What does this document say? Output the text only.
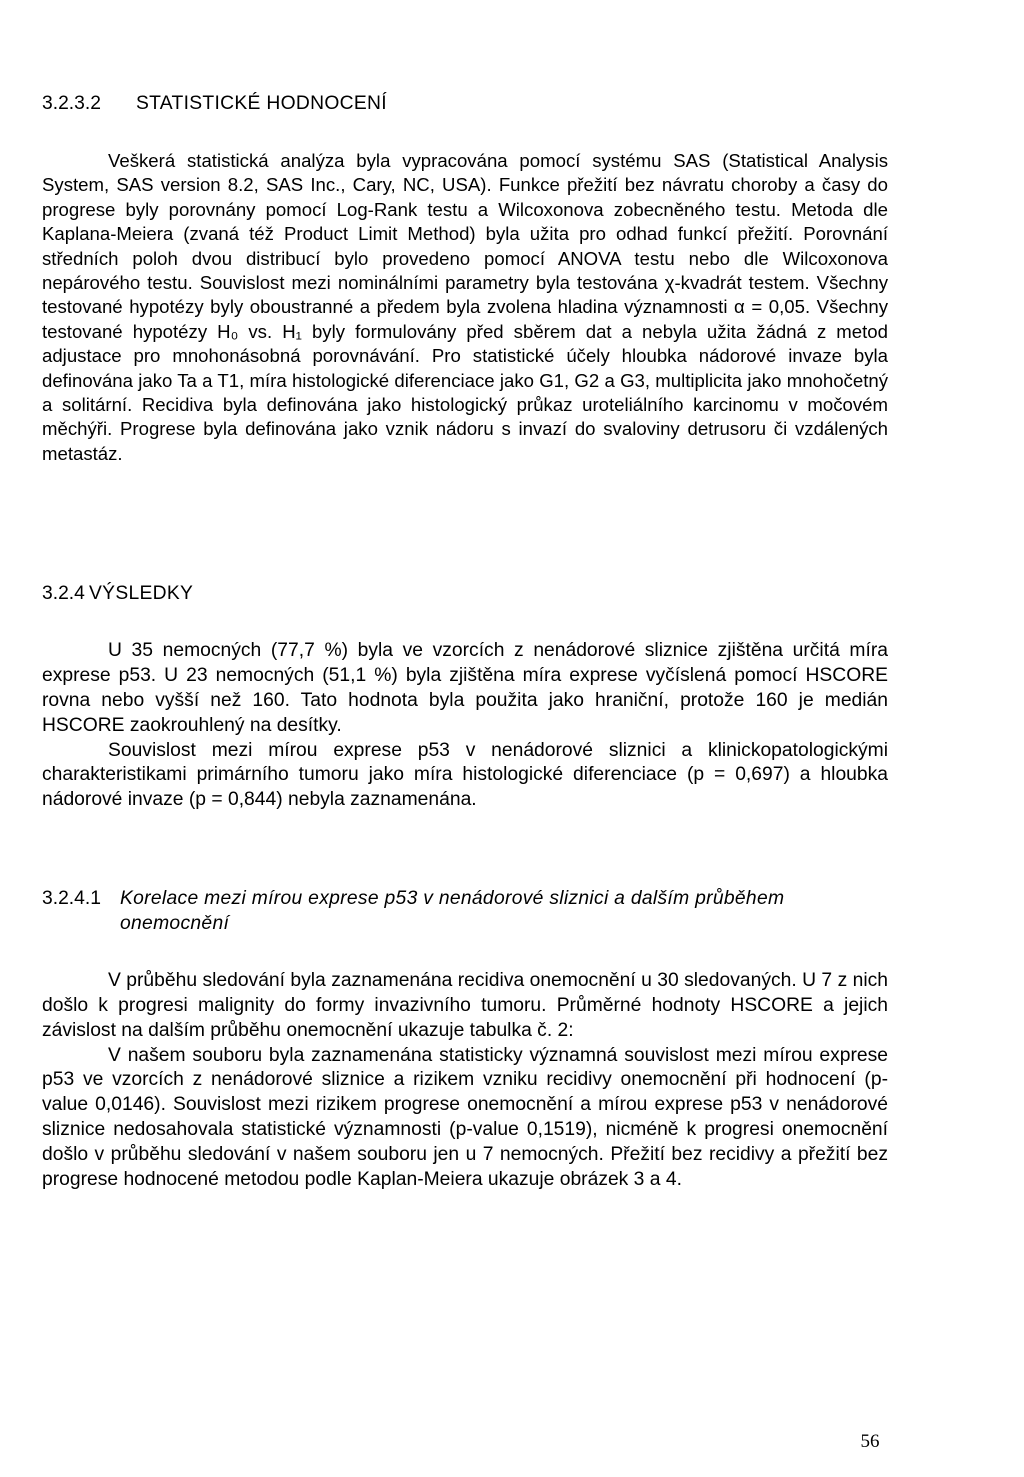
3.2.3.2	STATISTICKÉ HODNOCENÍ

Veškerá statistická analýza byla vypracována pomocí systému SAS (Statistical Analysis System, SAS version 8.2, SAS Inc., Cary, NC, USA). Funkce přežití bez návratu choroby a časy do progrese byly porovnány pomocí Log-Rank testu a Wilcoxonova zobecněného testu. Metoda dle Kaplana-Meiera (zvaná též Product Limit Method) byla užita pro odhad funkcí přežití. Porovnání středních poloh dvou distribucí bylo provedeno pomocí ANOVA testu nebo dle Wilcoxonova nepárového testu. Souvislost mezi nominálními parametry byla testována χ-kvadrát testem. Všechny testované hypotézy byly oboustranné a předem byla zvolena hladina významnosti α = 0,05. Všechny testované hypotézy H₀ vs. H₁ byly formulovány před sběrem dat a nebyla užita žádná z metod adjustace pro mnohonásobná porovnávání. Pro statistické účely hloubka nádorové invaze byla definována jako Ta a T1, míra histologické diferenciace jako G1, G2 a G3, multiplicita jako mnohočetný a solitární. Recidiva byla definována jako histologický průkaz uroteliálního karcinomu v močovém měchýři. Progrese byla definována jako vznik nádoru s invazí do svaloviny detrusoru či vzdálených metastáz.

3.2.4 VÝSLEDKY

U 35 nemocných (77,7 %) byla ve vzorcích z nenádorové sliznice zjištěna určitá míra exprese p53. U 23 nemocných (51,1 %) byla zjištěna míra exprese vyčíslená pomocí HSCORE rovna nebo vyšší než 160. Tato hodnota byla použita jako hraniční, protože 160 je medián HSCORE zaokrouhlený na desítky.

Souvislost mezi mírou exprese p53 v nenádorové sliznici a klinickopatologickými charakteristikami primárního tumoru jako míra histologické diferenciace (p = 0,697) a hloubka nádorové invaze (p = 0,844) nebyla zaznamenána.

3.2.4.1 Korelace mezi mírou exprese p53 v nenádorové sliznici a dalším průběhem
onemocnění

V průběhu sledování byla zaznamenána recidiva onemocnění u 30 sledovaných. U 7 z nich došlo k progresi malignity do formy invazivního tumoru. Průměrné hodnoty HSCORE a jejich závislost na dalším průběhu onemocnění ukazuje tabulka č. 2:

V našem souboru byla zaznamenána statisticky významná souvislost mezi mírou exprese p53 ve vzorcích z nenádorové sliznice a rizikem vzniku recidivy onemocnění při hodnocení (p-value 0,0146). Souvislost mezi rizikem progrese onemocnění a mírou exprese p53 v nenádorové sliznice nedosahovala statistické významnosti (p-value 0,1519), nicméně k progresi onemocnění došlo v průběhu sledování v našem souboru jen u 7 nemocných. Přežití bez recidivy a přežití bez progrese hodnocené metodou podle Kaplan-Meiera ukazuje obrázek 3 a 4.

56
